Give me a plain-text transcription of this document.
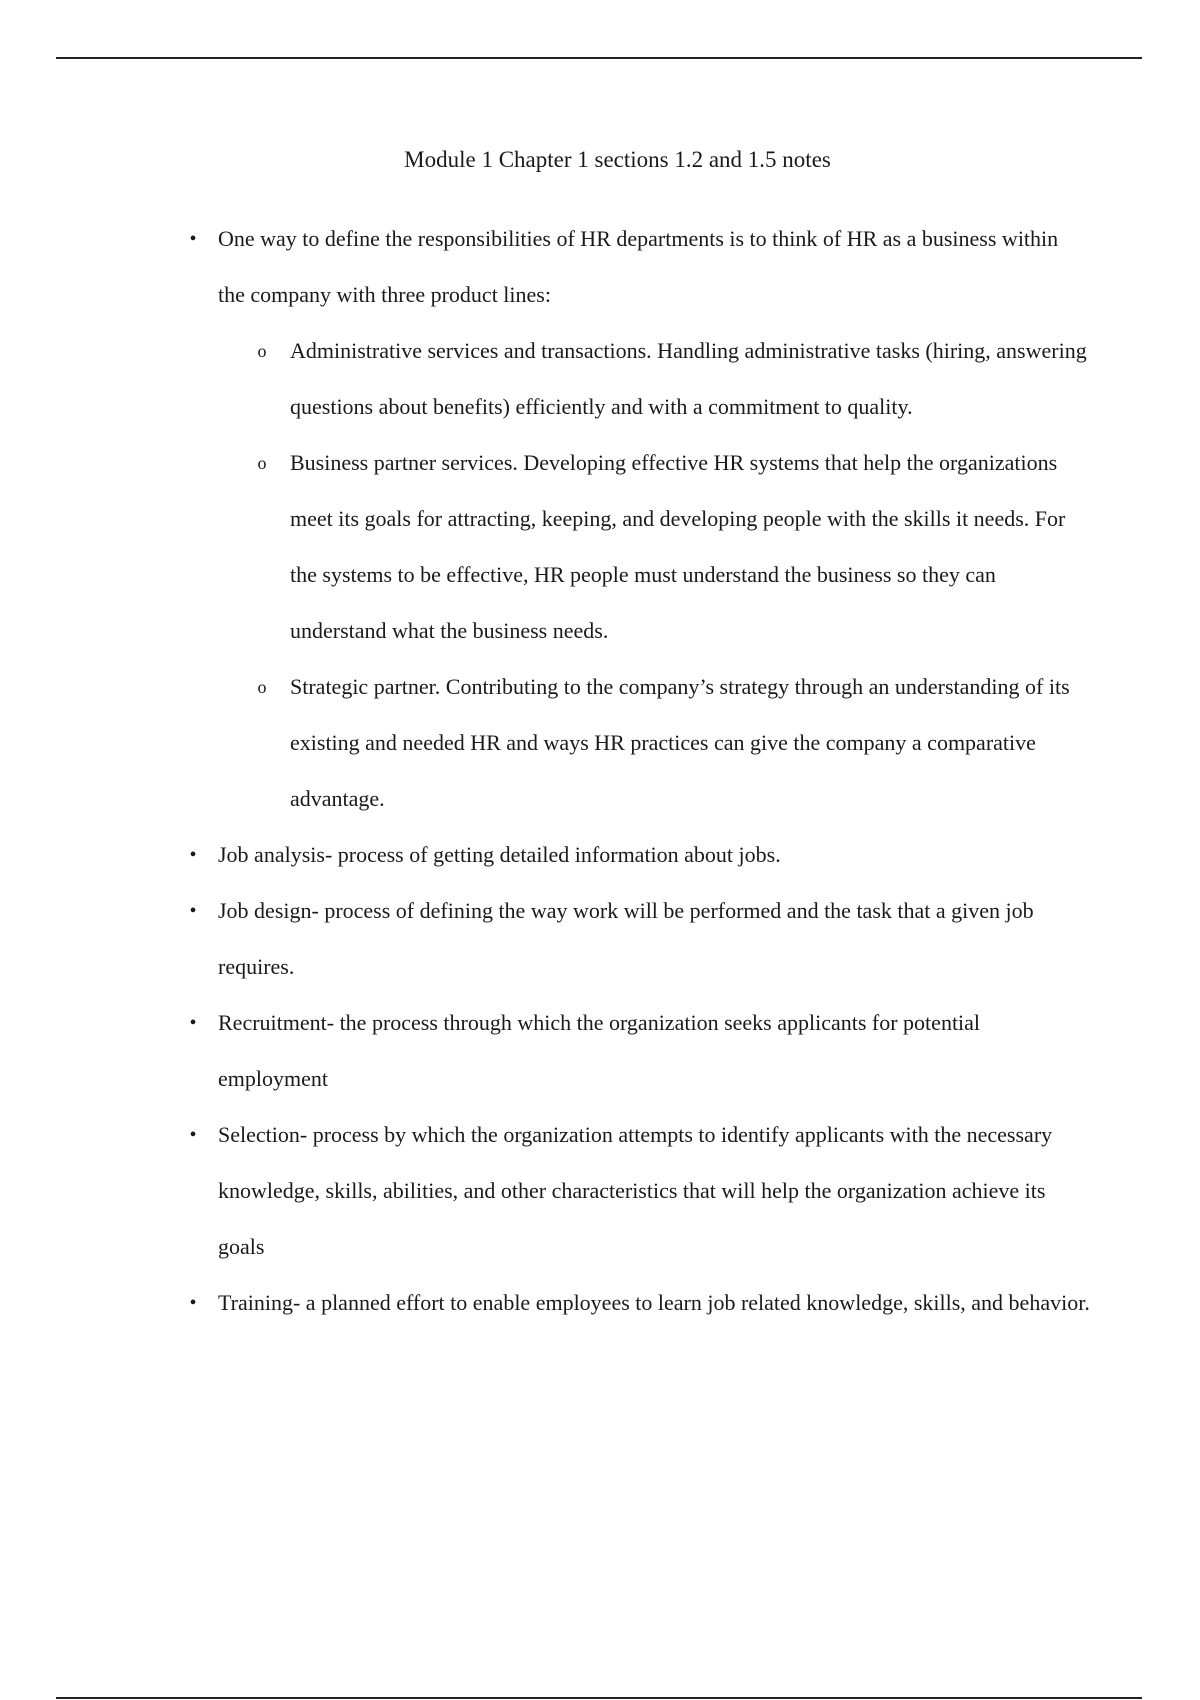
Module 1 Chapter 1 sections 1.2 and 1.5 notes
• One way to define the responsibilities of HR departments is to think of HR as a business within the company with three product lines:
o Administrative services and transactions. Handling administrative tasks (hiring, answering questions about benefits) efficiently and with a commitment to quality.
o Business partner services. Developing effective HR systems that help the organizations meet its goals for attracting, keeping, and developing people with the skills it needs. For the systems to be effective, HR people must understand the business so they can understand what the business needs.
o Strategic partner. Contributing to the company’s strategy through an understanding of its existing and needed HR and ways HR practices can give the company a comparative advantage.
• Job analysis- process of getting detailed information about jobs.
• Job design- process of defining the way work will be performed and the task that a given job requires.
• Recruitment- the process through which the organization seeks applicants for potential employment
• Selection- process by which the organization attempts to identify applicants with the necessary knowledge, skills, abilities, and other characteristics that will help the organization achieve its goals
• Training- a planned effort to enable employees to learn job related knowledge, skills, and behavior.
